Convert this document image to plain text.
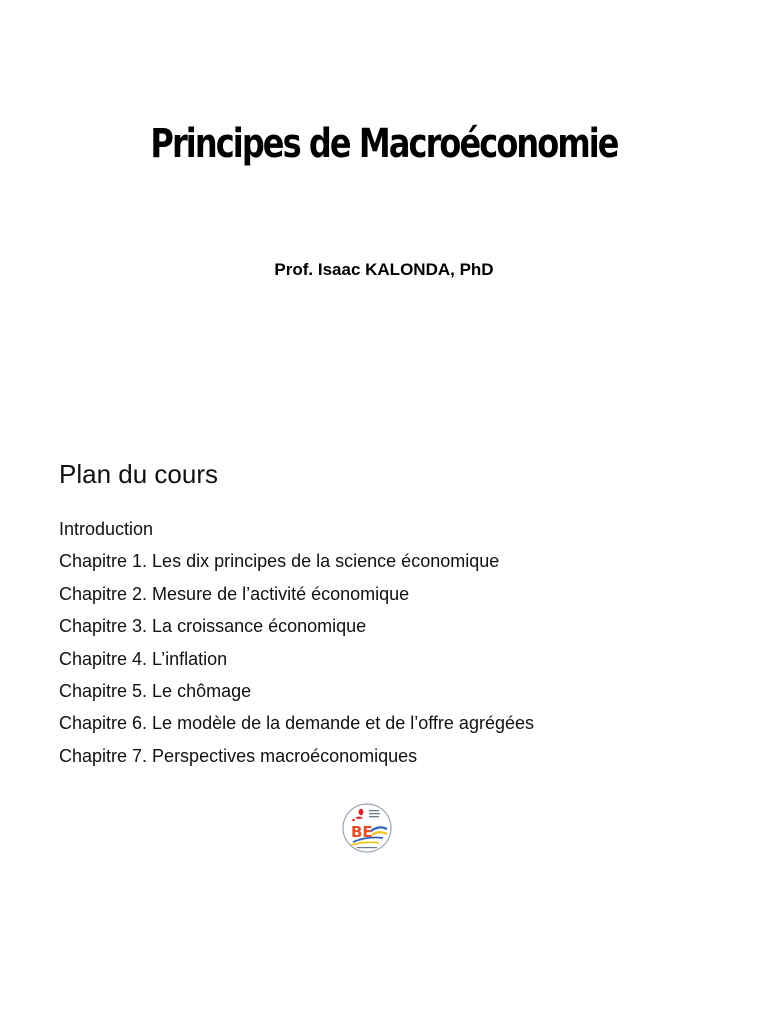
Principes de Macroéconomie

Prof. Isaac KALONDA, PhD

Plan du cours
Introduction
Chapitre 1. Les dix principes de la science économique
Chapitre 2. Mesure de l’activité économique
Chapitre 3. La croissance économique
Chapitre 4. L’inflation
Chapitre 5. Le chômage
Chapitre 6. Le modèle de la demande et de l’offre agrégées
Chapitre 7. Perspectives macroéconomiques
BE
